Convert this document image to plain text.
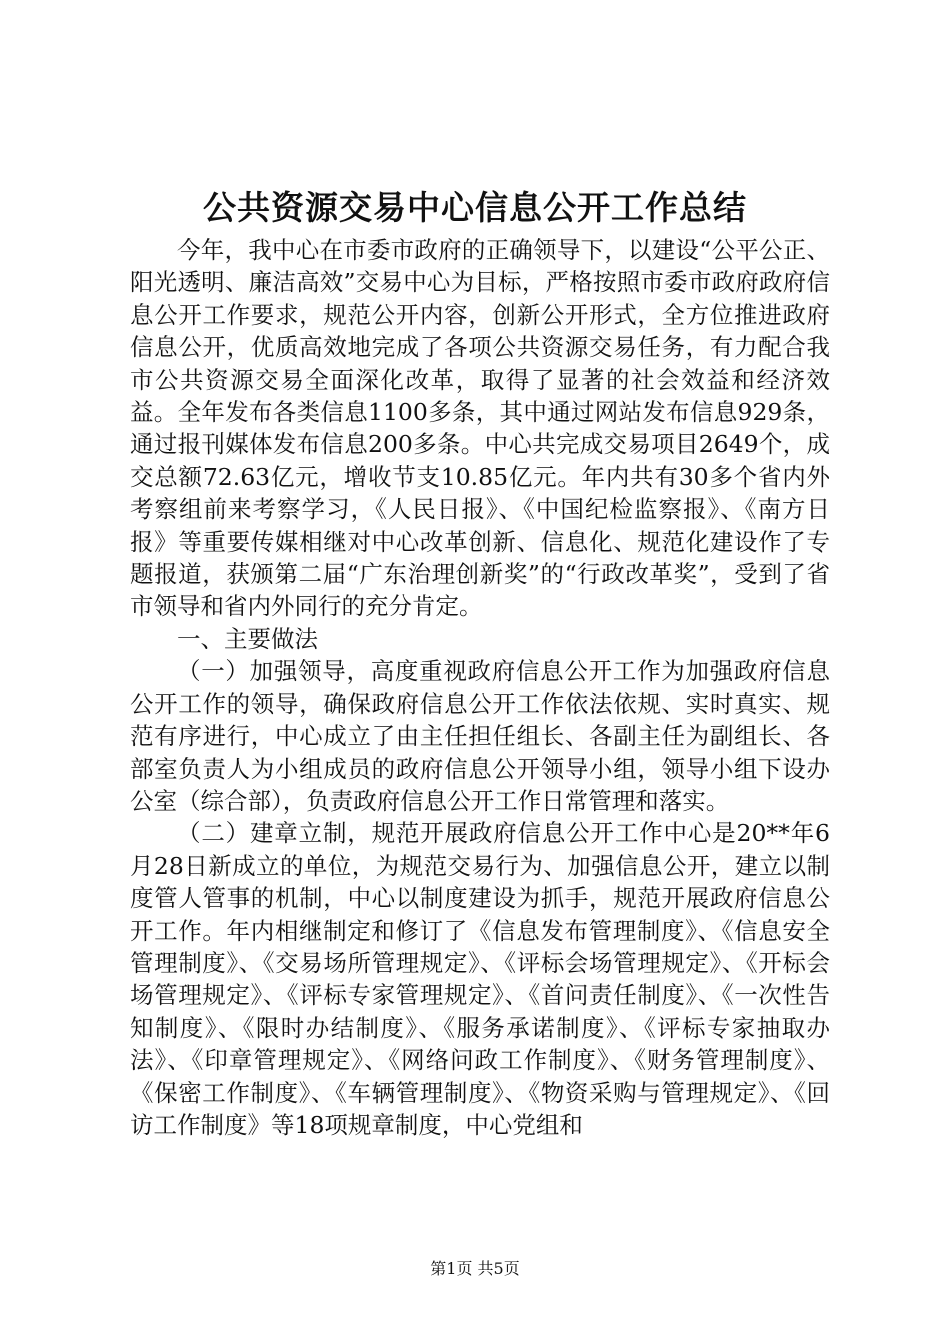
公共资源交易中心信息公开工作总结

今年，我中心在市委市政府的正确领导下，以建设“公平公正、阳光透明、廉洁高效”交易中心为目标，严格按照市委市政府政府信息公开工作要求，规范公开内容，创新公开形式，全方位推进政府信息公开，优质高效地完成了各项公共资源交易任务，有力配合我市公共资源交易全面深化改革，取得了显著的社会效益和经济效益。全年发布各类信息1100多条，其中通过网站发布信息929条，通过报刊媒体发布信息200多条。中心共完成交易项目2649个，成交总额72.63亿元，增收节支10.85亿元。年内共有30多个省内外考察组前来考察学习，《人民日报》、《中国纪检监察报》、《南方日报》等重要传媒相继对中心改革创新、信息化、规范化建设作了专题报道，获颁第二届“广东治理创新奖”的“行政改革奖”，受到了省市领导和省内外同行的充分肯定。

一、主要做法

（一）加强领导，高度重视政府信息公开工作为加强政府信息公开工作的领导，确保政府信息公开工作依法依规、实时真实、规范有序进行，中心成立了由主任担任组长、各副主任为副组长、各部室负责人为小组成员的政府信息公开领导小组，领导小组下设办公室（综合部），负责政府信息公开工作日常管理和落实。

（二）建章立制，规范开展政府信息公开工作中心是20**年6月28日新成立的单位，为规范交易行为、加强信息公开，建立以制度管人管事的机制，中心以制度建设为抓手，规范开展政府信息公开工作。年内相继制定和修订了《信息发布管理制度》、《信息安全管理制度》、《交易场所管理规定》、《评标会场管理规定》、《开标会场管理规定》、《评标专家管理规定》、《首问责任制度》、《一次性告知制度》、《限时办结制度》、《服务承诺制度》、《评标专家抽取办法》、《印章管理规定》、《网络问政工作制度》、《财务管理制度》、《保密工作制度》、《车辆管理制度》、《物资采购与管理规定》、《回访工作制度》等18项规章制度，中心党组和

第1页 共5页
